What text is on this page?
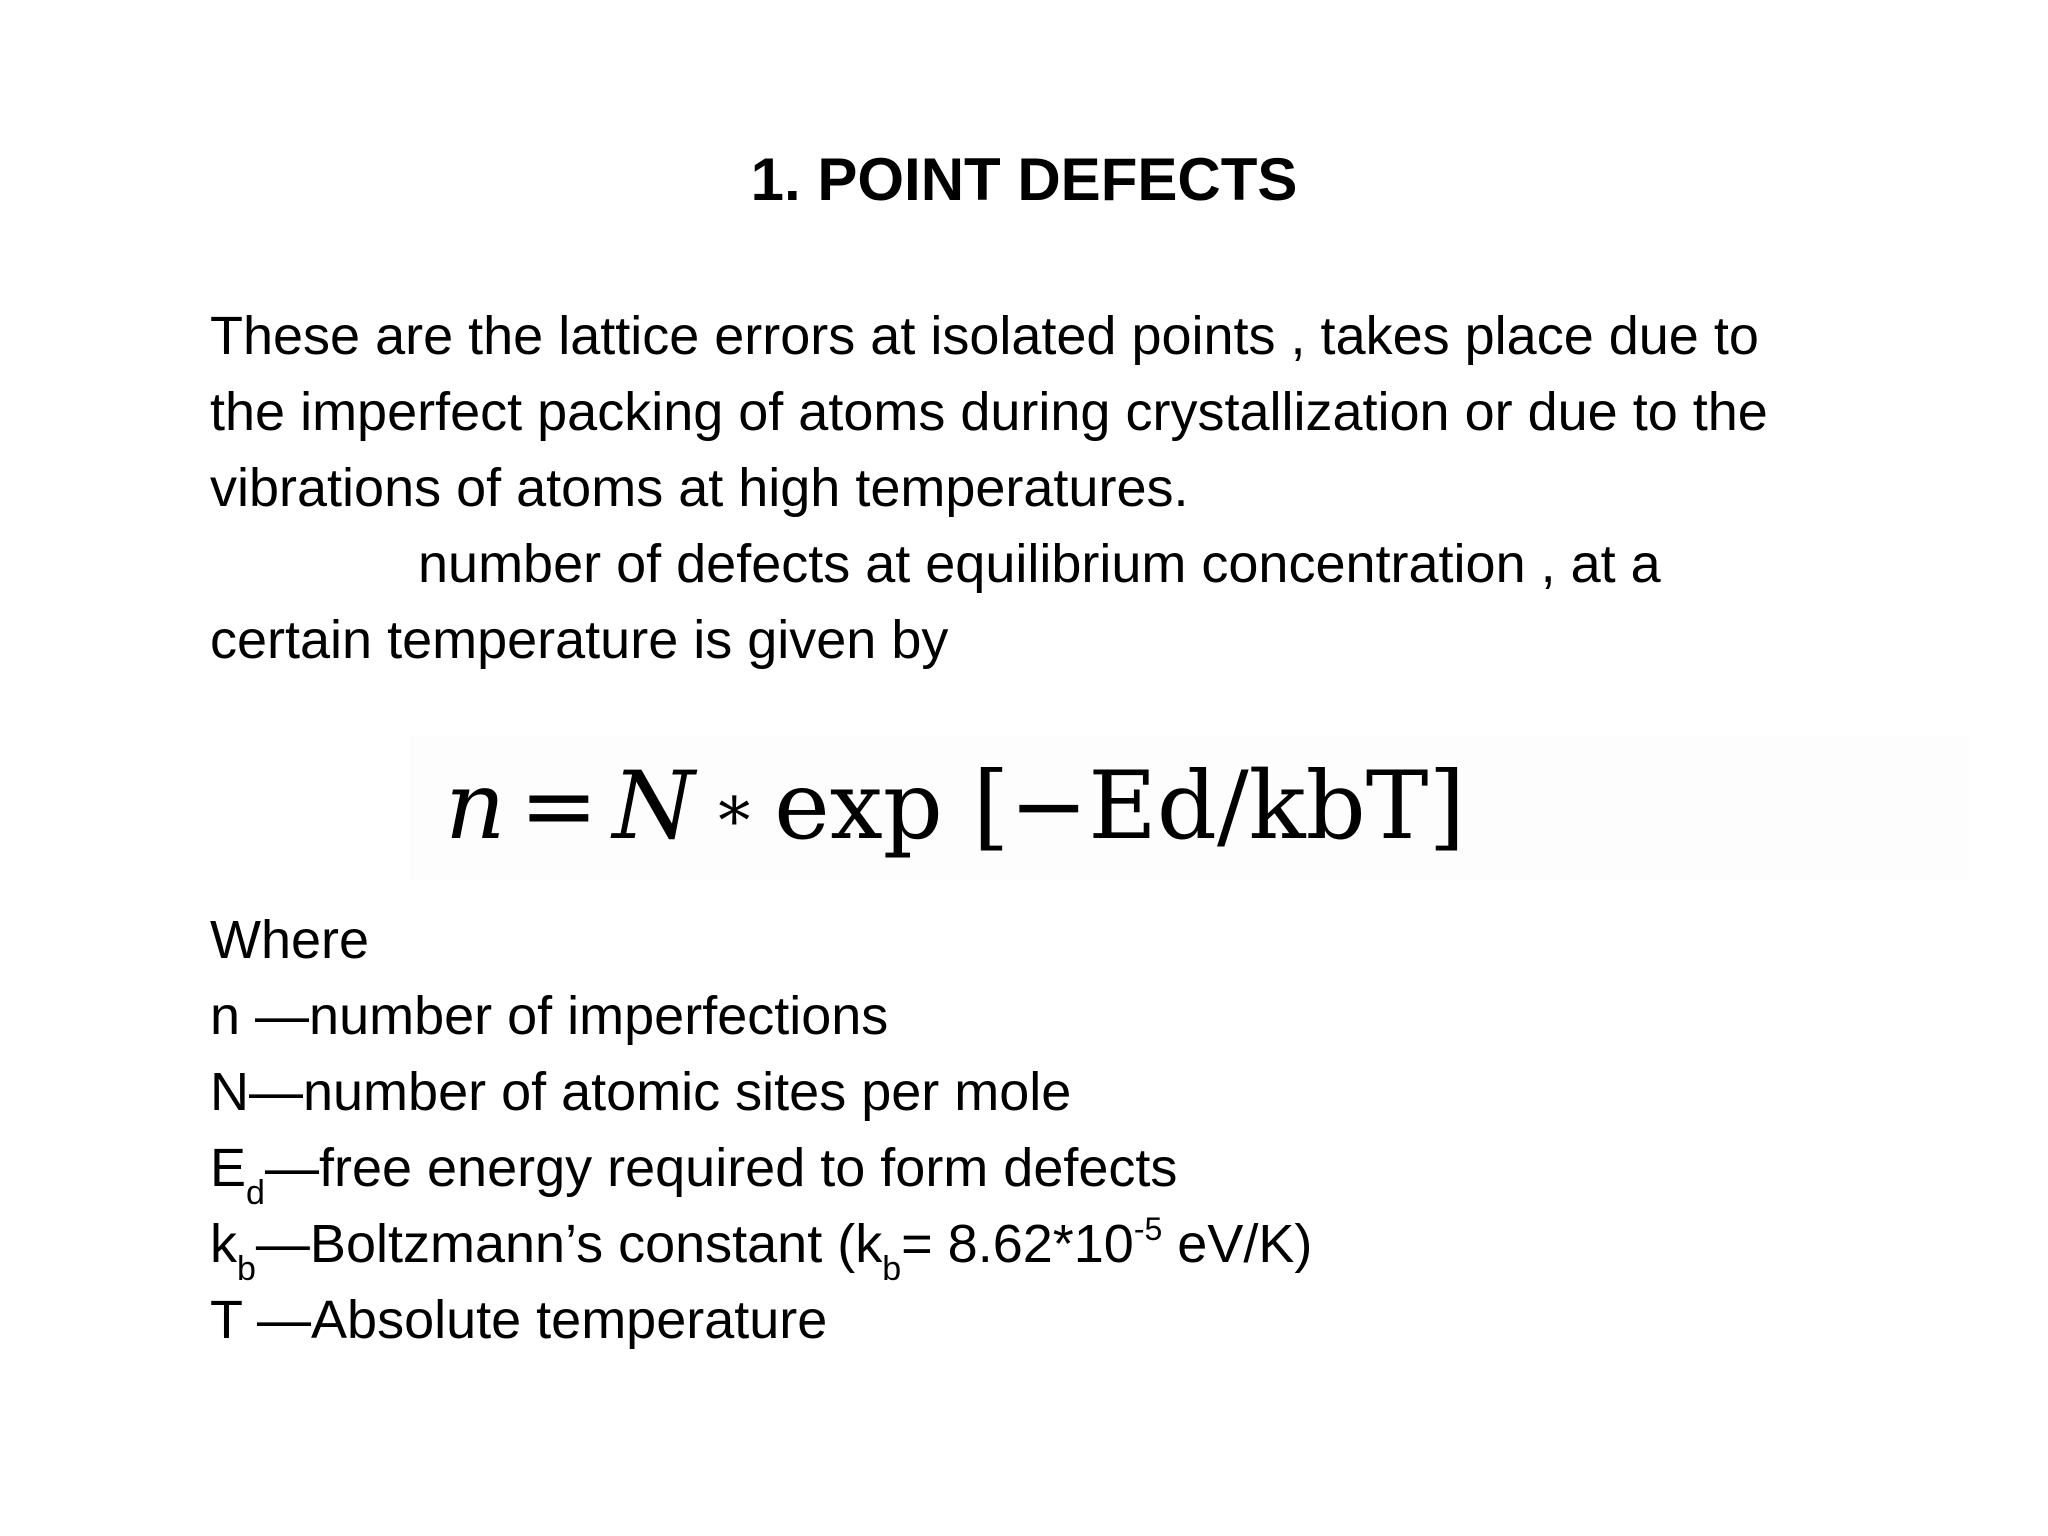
1. POINT DEFECTS
These are the lattice errors at isolated points , takes place due to
the imperfect packing of atoms during crystallization or due to the
vibrations of atoms at high temperatures.
number of defects at equilibrium concentration , at a
certain temperature is given by
n = N ∗ exp [−Ed/kbT]
Where
n —number of imperfections
N—number of atomic sites per mole
$E_d—free$ energy required to form defects
$k_b—Boltzmann’s$ constant ($k_b= 8.62*10^{-5}$ eV/K)
T —Absolute temperature
